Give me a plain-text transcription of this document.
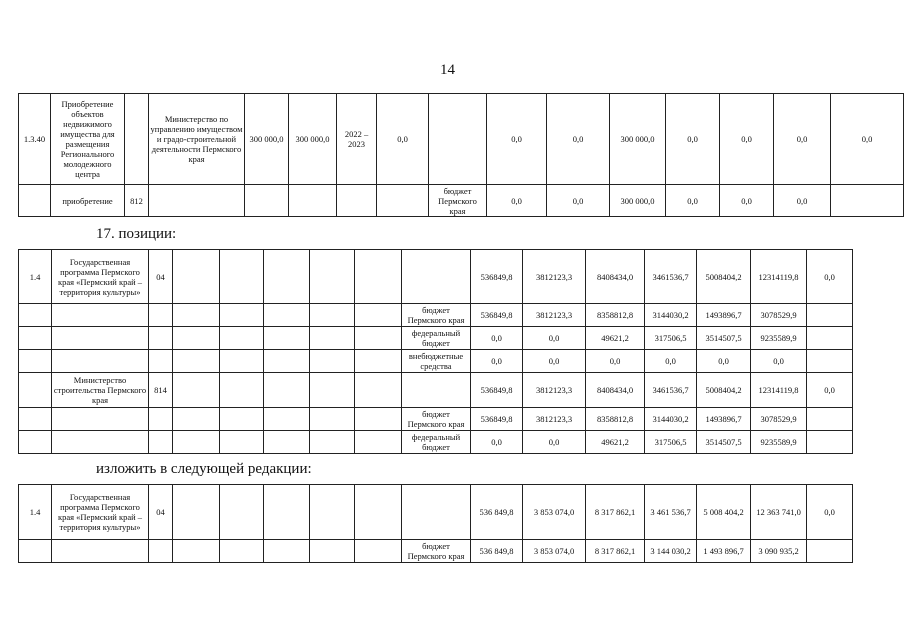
14
1.3.40	Приобретение объектов недвижимого имущества для размещения Регионального молодежного центра		Министерство по управлению имуществом и градо-строительной деятельности Пермского края	300 000,0	300 000,0	2022 – 2023	0,0		0,0	0,0	300 000,0	0,0	0,0	0,0	0,0
	приобретение	812						бюджет Пермского края	0,0	0,0	300 000,0	0,0	0,0	0,0	
17. позиции:
1.4	Государственная программа Пермского края «Пермский край – территория культуры»	04							536849,8	3812123,3	8408434,0	3461536,7	5008404,2	12314119,8	0,0
								бюджет Пермского края	536849,8	3812123,3	8358812,8	3144030,2	1493896,7	3078529,9	
								федеральный бюджет	0,0	0,0	49621,2	317506,5	3514507,5	9235589,9	
								внебюджетные средства	0,0	0,0	0,0	0,0	0,0	0,0	
	Министерство строительства Пермского края	814							536849,8	3812123,3	8408434,0	3461536,7	5008404,2	12314119,8	0,0
								бюджет Пермского края	536849,8	3812123,3	8358812,8	3144030,2	1493896,7	3078529,9	
								федеральный бюджет	0,0	0,0	49621,2	317506,5	3514507,5	9235589,9	
изложить в следующей редакции:
1.4	Государственная программа Пермского края «Пермский край – территория культуры»	04							536 849,8	3 853 074,0	8 317 862,1	3 461 536,7	5 008 404,2	12 363 741,0	0,0
								бюджет Пермского края	536 849,8	3 853 074,0	8 317 862,1	3 144 030,2	1 493 896,7	3 090 935,2	
